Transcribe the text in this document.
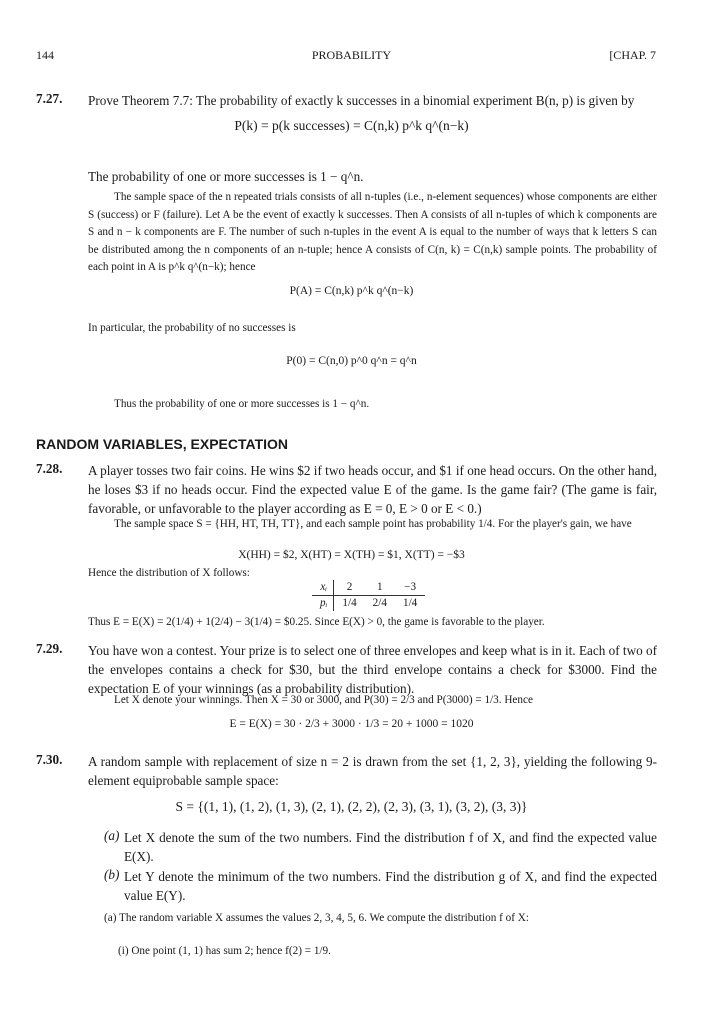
144	PROBABILITY	[CHAP. 7
7.27. Prove Theorem 7.7: The probability of exactly k successes in a binomial experiment B(n, p) is given by
P(k) = p(k successes) = C(n,k) p^k q^(n−k)
The probability of one or more successes is 1 − q^n.
The sample space of the n repeated trials consists of all n-tuples (i.e., n-element sequences) whose components are either S (success) or F (failure). Let A be the event of exactly k successes. Then A consists of all n-tuples of which k components are S and n − k components are F. The number of such n-tuples in the event A is equal to the number of ways that k letters S can be distributed among the n components of an n-tuple; hence A consists of C(n, k) = C(n,k) sample points. The probability of each point in A is p^k q^(n−k); hence
P(A) = C(n,k) p^k q^(n−k)
In particular, the probability of no successes is
P(0) = C(n,0) p^0 q^n = q^n
Thus the probability of one or more successes is 1 − q^n.
RANDOM VARIABLES, EXPECTATION
7.28. A player tosses two fair coins. He wins $2 if two heads occur, and $1 if one head occurs. On the other hand, he loses $3 if no heads occur. Find the expected value E of the game. Is the game fair? (The game is fair, favorable, or unfavorable to the player according as E = 0, E > 0 or E < 0.)
The sample space S = {HH, HT, TH, TT}, and each sample point has probability 1/4. For the player's gain, we have
X(HH) = $2, X(HT) = X(TH) = $1, X(TT) = −$3
Hence the distribution of X follows:
xᵢ	2	1	−3
pᵢ	1/4	2/4	1/4
Thus E = E(X) = 2(1/4) + 1(2/4) − 3(1/4) = $0.25. Since E(X) > 0, the game is favorable to the player.
7.29. You have won a contest. Your prize is to select one of three envelopes and keep what is in it. Each of two of the envelopes contains a check for $30, but the third envelope contains a check for $3000. Find the expectation E of your winnings (as a probability distribution).
Let X denote your winnings. Then X = 30 or 3000, and P(30) = 2/3 and P(3000) = 1/3. Hence
E = E(X) = 30 · 2/3 + 3000 · 1/3 = 20 + 1000 = 1020
7.30. A random sample with replacement of size n = 2 is drawn from the set {1, 2, 3}, yielding the following 9-element equiprobable sample space:
S = {(1, 1), (1, 2), (1, 3), (2, 1), (2, 2), (2, 3), (3, 1), (3, 2), (3, 3)}
(a) Let X denote the sum of the two numbers. Find the distribution f of X, and find the expected value E(X).
(b) Let Y denote the minimum of the two numbers. Find the distribution g of X, and find the expected value E(Y).
(a) The random variable X assumes the values 2, 3, 4, 5, 6. We compute the distribution f of X:
(i) One point (1, 1) has sum 2; hence f(2) = 1/9.
